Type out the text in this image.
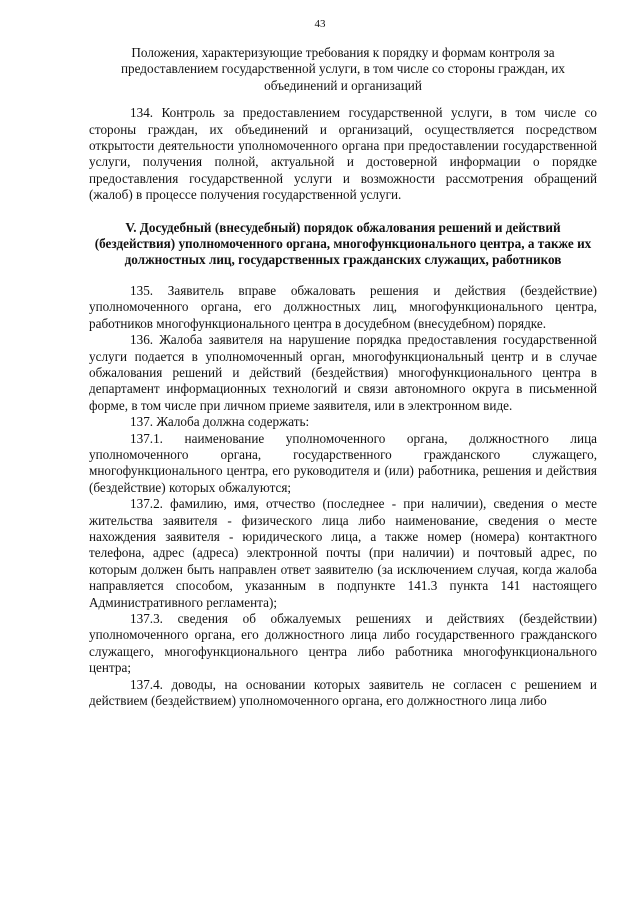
43

Положения, характеризующие требования к порядку и формам контроля за предоставлением государственной услуги, в том числе со стороны граждан, их объединений и организаций

134. Контроль за предоставлением государственной услуги, в том числе со стороны граждан, их объединений и организаций, осуществляется посредством открытости деятельности уполномоченного органа при предоставлении государственной услуги, получения полной, актуальной и достоверной информации о порядке предоставления государственной услуги и возможности рассмотрения обращений (жалоб) в процессе получения государственной услуги.

V. Досудебный (внесудебный) порядок обжалования решений и действий (бездействия) уполномоченного органа, многофункционального центра, а также их должностных лиц, государственных гражданских служащих, работников

135. Заявитель вправе обжаловать решения и действия (бездействие) уполномоченного органа, его должностных лиц, многофункционального центра, работников многофункционального центра в досудебном (внесудебном) порядке.

136. Жалоба заявителя на нарушение порядка предоставления государственной услуги подается в уполномоченный орган, многофункциональный центр и в случае обжалования решений и действий (бездействия) многофункционального центра в департамент информационных технологий и связи автономного округа в письменной форме, в том числе при личном приеме заявителя, или в электронном виде.

137. Жалоба должна содержать:

137.1. наименование уполномоченного органа, должностного лица уполномоченного органа, государственного гражданского служащего, многофункционального центра, его руководителя и (или) работника, решения и действия (бездействие) которых обжалуются;

137.2. фамилию, имя, отчество (последнее - при наличии), сведения о месте жительства заявителя - физического лица либо наименование, сведения о месте нахождения заявителя - юридического лица, а также номер (номера) контактного телефона, адрес (адреса) электронной почты (при наличии) и почтовый адрес, по которым должен быть направлен ответ заявителю (за исключением случая, когда жалоба направляется способом, указанным в подпункте 141.3 пункта 141 настоящего Административного регламента);

137.3. сведения об обжалуемых решениях и действиях (бездействии) уполномоченного органа, его должностного лица либо государственного гражданского служащего, многофункционального центра либо работника многофункционального центра;

137.4. доводы, на основании которых заявитель не согласен с решением и действием (бездействием) уполномоченного органа, его должностного лица либо
